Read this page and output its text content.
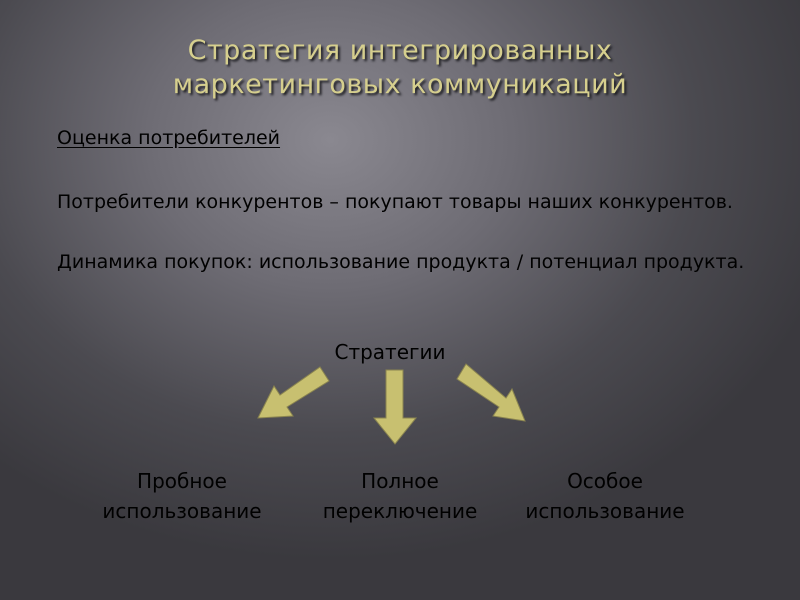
Стратегия интегрированных
маркетинговых коммуникаций
Оценка потребителей
Потребители конкурентов – покупают товары наших конкурентов.
Динамика покупок: использование продукта / потенциал продукта.
Стратегии
Пробное
использование
Полное
переключение
Особое
использование
